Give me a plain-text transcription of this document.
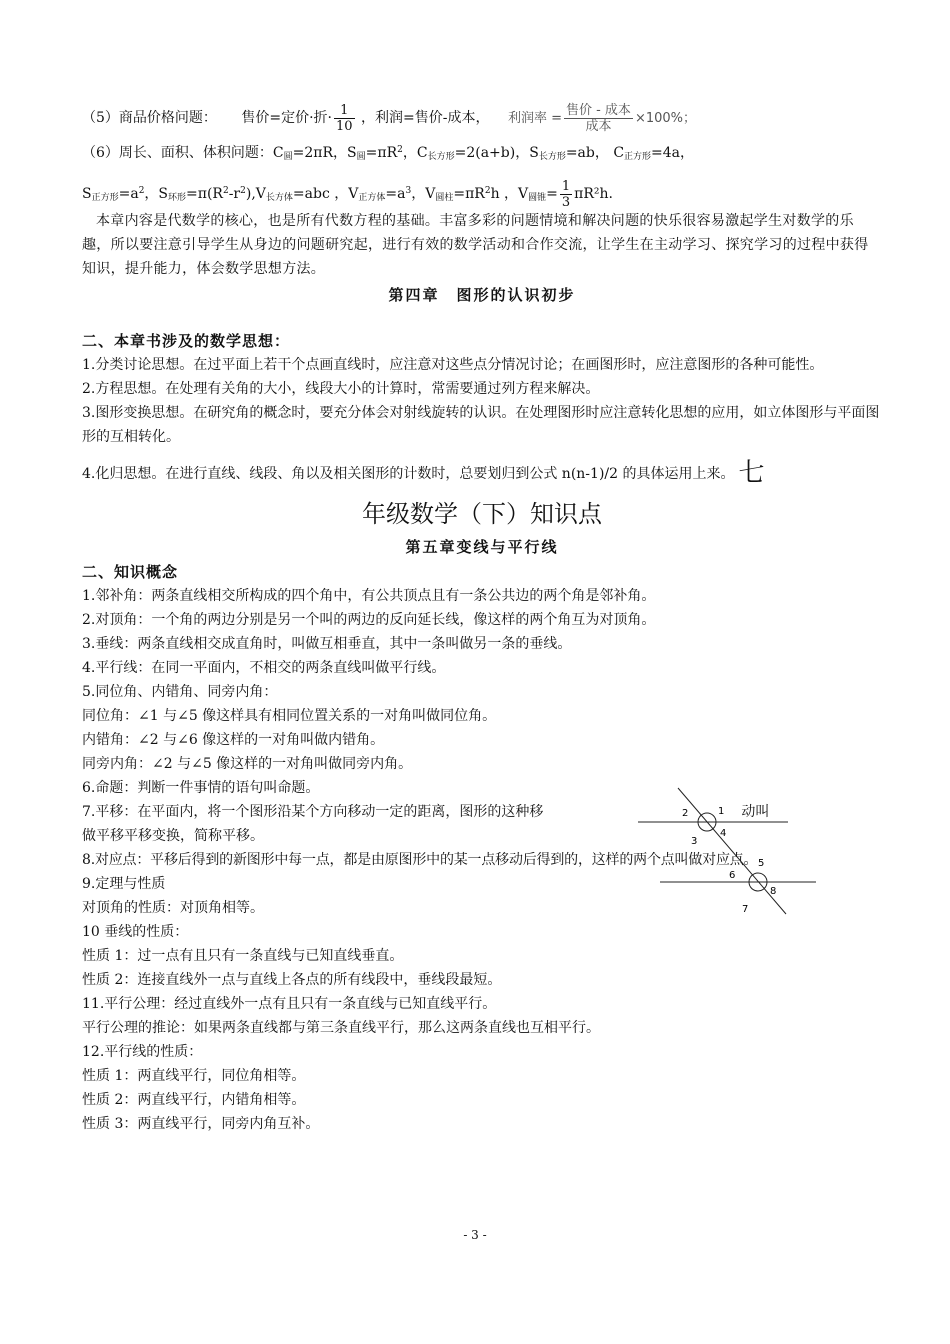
（5）商品价格问题： 售价=定价·折· $\frac{1}{10}$ ，利润=售价-成本， 利润率 = $\frac{\text{售价 - 成本}}{\text{成本}} \times 100\%$；
（6）周长、面积、体积问题：$C_圆=2\pi R$，$S_圆=\pi R^2$，$C_{长方形}=2(a+b)$，$S_{长方形}=ab$， $C_{正方形}=4a$，
$S_{正方形}=a^2$，$S_{环形}=\pi(R^2-r^2),V_{长方体}=abc$ ，$V_{正方体}=a^3$，$V_{圆柱}=\pi R^2h$ ，$V_{圆锥}= \frac{1}{3} \pi R^2h$.
本章内容是代数学的核心，也是所有代数方程的基础。丰富多彩的问题情境和解决问题的快乐很容易激起学生对数学的乐趣，所以要注意引导学生从身边的问题研究起，进行有效的数学活动和合作交流，让学生在主动学习、探究学习的过程中获得知识，提升能力，体会数学思想方法。
第四章　图形的认识初步
二、本章书涉及的数学思想：
1.分类讨论思想。在过平面上若干个点画直线时，应注意对这些点分情况讨论；在画图形时，应注意图形的各种可能性。
2.方程思想。在处理有关角的大小，线段大小的计算时，常需要通过列方程来解决。
3.图形变换思想。在研究角的概念时，要充分体会对射线旋转的认识。在处理图形时应注意转化思想的应用，如立体图形与平面图形的互相转化。
4.化归思想。在进行直线、线段、角以及相关图形的计数时，总要划归到公式 n(n-1)/2 的具体运用上来。 七
年级数学（下）知识点
第五章变线与平行线
二、知识概念
1.邻补角：两条直线相交所构成的四个角中，有公共顶点且有一条公共边的两个角是邻补角。
2.对顶角：一个角的两边分别是另一个叫的两边的反向延长线，像这样的两个角互为对顶角。
3.垂线：两条直线相交成直角时，叫做互相垂直，其中一条叫做另一条的垂线。
4.平行线：在同一平面内，不相交的两条直线叫做平行线。
5.同位角、内错角、同旁内角：
同位角：∠1 与∠5 像这样具有相同位置关系的一对角叫做同位角。
内错角：∠2 与∠6 像这样的一对角叫做内错角。
同旁内角：∠2 与∠5 像这样的一对角叫做同旁内角。
6.命题：判断一件事情的语句叫命题。
7.平移：在平面内，将一个图形沿某个方向移动一定的距离，图形的这种移	动叫
做平移平移变换，简称平移。
8.对应点：平移后得到的新图形中每一点，都是由原图形中的某一点移动后得到的，这样的两个点叫做对应点。
9.定理与性质
对顶角的性质：对顶角相等。
10 垂线的性质：
性质 1：过一点有且只有一条直线与已知直线垂直。
性质 2：连接直线外一点与直线上各点的所有线段中，垂线段最短。
11.平行公理：经过直线外一点有且只有一条直线与已知直线平行。
平行公理的推论：如果两条直线都与第三条直线平行，那么这两条直线也互相平行。
12.平行线的性质：
性质 1：两直线平行，同位角相等。
性质 2：两直线平行，内错角相等。
性质 3：两直线平行，同旁内角互补。
1
2
3
4
5
6
7
8
- 3 -
